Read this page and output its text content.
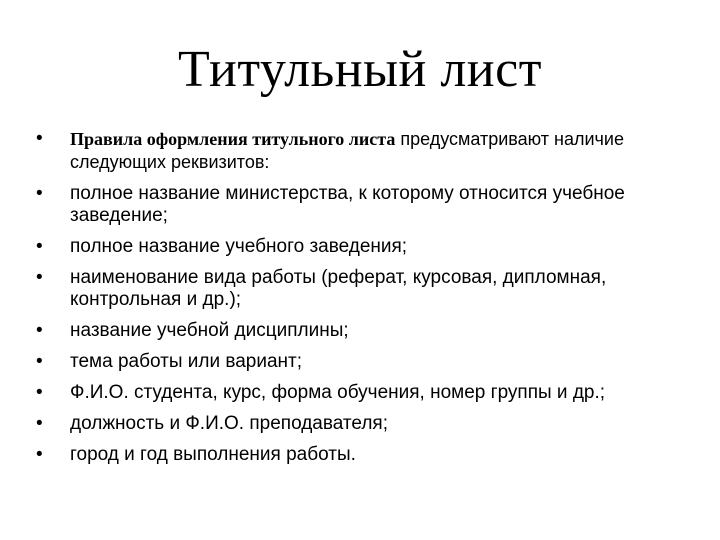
Титульный лист
•	Правила оформления титульного листа предусматривают наличие следующих реквизитов:
•	полное название министерства, к которому относится учебное заведение;
•	полное название учебного заведения;
•	наименование вида работы (реферат, курсовая, дипломная, контрольная и др.);
•	название учебной дисциплины;
•	тема работы или вариант;
•	Ф.И.О. студента, курс, форма обучения, номер группы и др.;
•	должность и Ф.И.О. преподавателя;
•	город и год выполнения работы.
